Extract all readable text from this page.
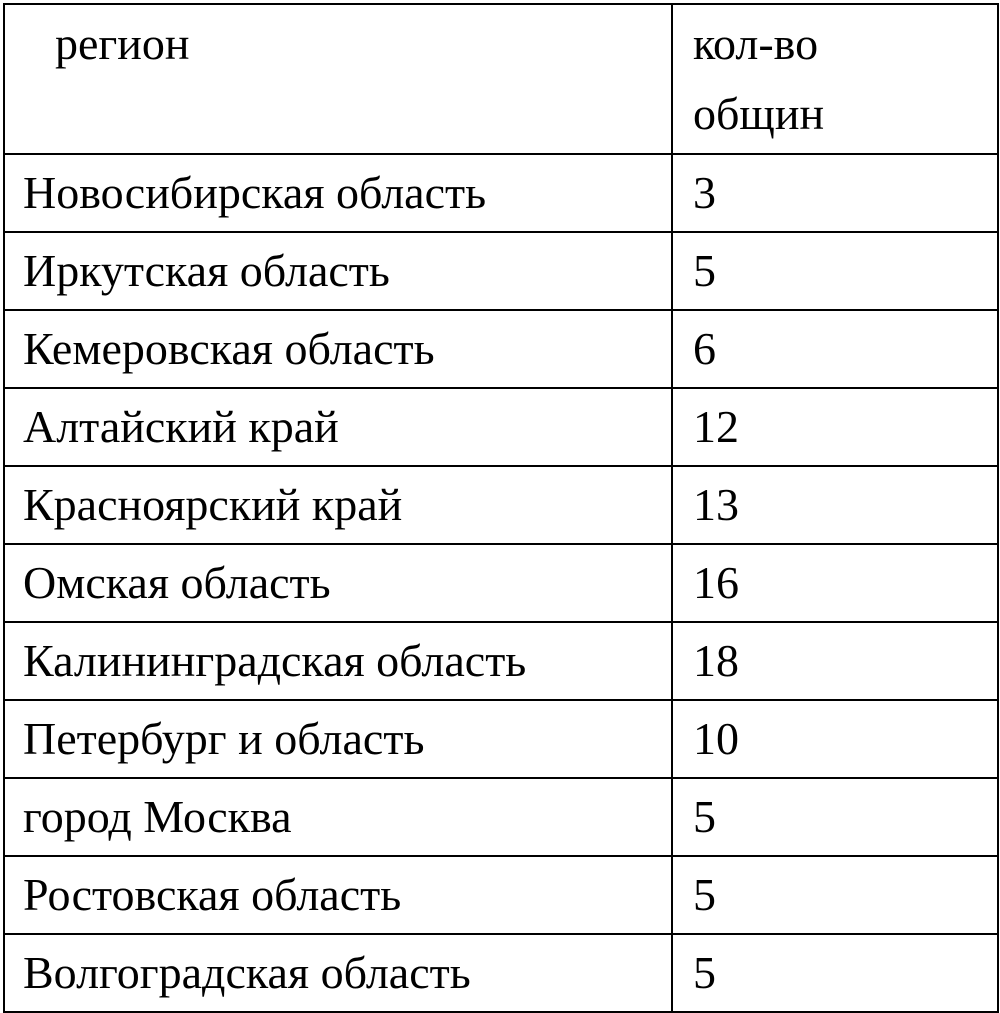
регион	кол-во общин
Новосибирская область	3
Иркутская область	5
Кемеровская область	6
Алтайский край	12
Красноярский край	13
Омская область	16
Калининградская область	18
Петербург и область	10
город Москва	5
Ростовская область	5
Волгоградская область	5
